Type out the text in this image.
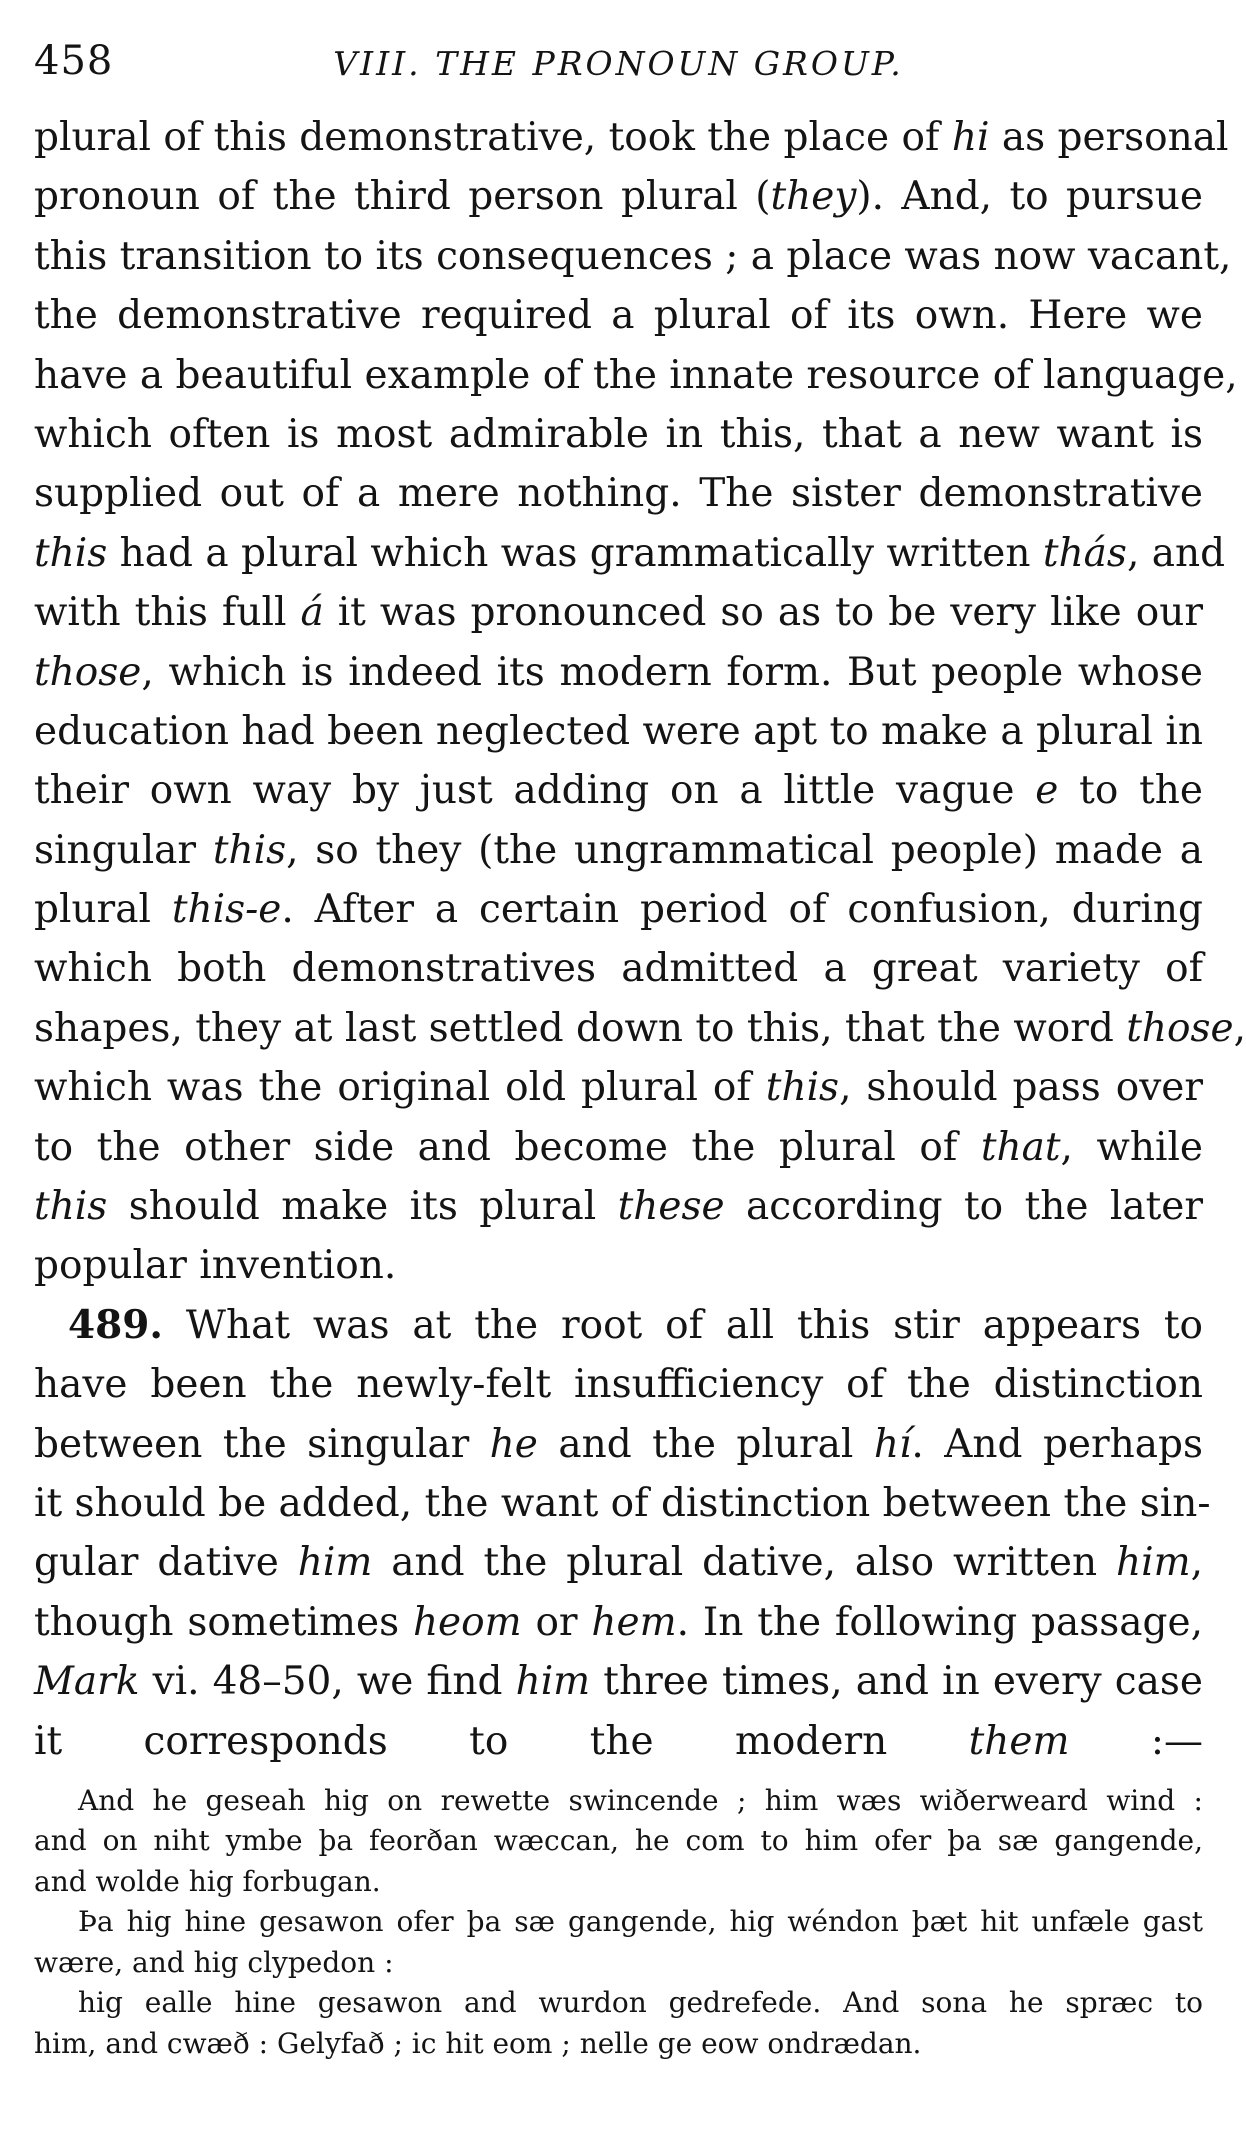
458	VIII. THE PRONOUN GROUP.
plural of this demonstrative, took the place of hi as personal
pronoun of the third person plural (they). And, to pursue
this transition to its consequences ; a place was now vacant,
the demonstrative required a plural of its own. Here we
have a beautiful example of the innate resource of language,
which often is most admirable in this, that a new want is
supplied out of a mere nothing. The sister demonstrative
this had a plural which was grammatically written thás, and
with this full á it was pronounced so as to be very like our
those, which is indeed its modern form. But people whose
education had been neglected were apt to make a plural in
their own way by just adding on a little vague e to the
singular this, so they (the ungrammatical people) made a
plural this-e. After a certain period of confusion, during
which both demonstratives admitted a great variety of
shapes, they at last settled down to this, that the word those,
which was the original old plural of this, should pass over
to the other side and become the plural of that, while
this should make its plural these according to the later
popular invention.
489. What was at the root of all this stir appears to
have been the newly-felt insufficiency of the distinction
between the singular he and the plural hí. And perhaps
it should be added, the want of distinction between the sin-
gular dative him and the plural dative, also written him,
though sometimes heom or hem. In the following passage,
Mark vi. 48–50, we find him three times, and in every case
it corresponds to the modern them :—
And he geseah hig on rewette swincende ; him wæs wiðerweard wind :
and on niht ymbe þa feorðan wæccan, he com to him ofer þa sæ gangende,
and wolde hig forbugan.
Þa hig hine gesawon ofer þa sæ gangende, hig wéndon þæt hit unfæle gast
wære, and hig clypedon :
hig ealle hine gesawon and wurdon gedrefede. And sona he spræc to
him, and cwæð : Gelyfað ; ic hit eom ; nelle ge eow ondrædan.
